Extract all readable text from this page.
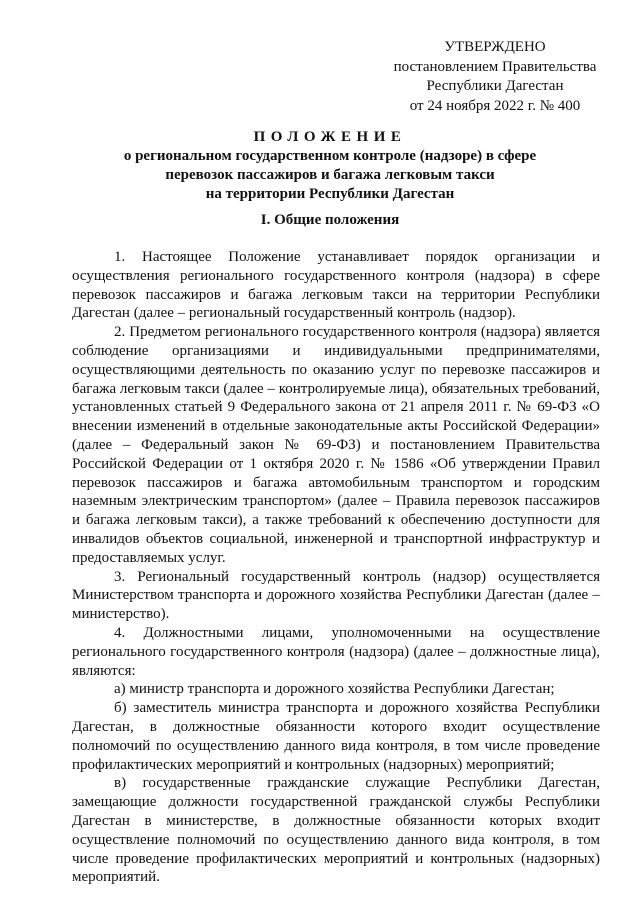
УТВЕРЖДЕНО
постановлением Правительства
Республики Дагестан
от 24 ноября 2022 г. № 400
ПОЛОЖЕНИЕ
о региональном государственном контроле (надзоре) в сфере
перевозок пассажиров и багажа легковым такси
на территории Республики Дагестан
I. Общие положения

1. Настоящее Положение устанавливает порядок организации и осуществления регионального государственного контроля (надзора) в сфере перевозок пассажиров и багажа легковым такси на территории Республики Дагестан (далее – региональный государственный контроль (надзор).

2. Предметом регионального государственного контроля (надзора) является соблюдение организациями и индивидуальными предпринимателями, осуществляющими деятельность по оказанию услуг по перевозке пассажиров и багажа легковым такси (далее – контролируемые лица), обязательных требований, установленных статьей 9 Федерального закона от 21 апреля 2011 г. № 69-ФЗ «О внесении изменений в отдельные законодательные акты Российской Федерации» (далее – Федеральный закон № 69-ФЗ) и постановлением Правительства Российской Федерации от 1 октября 2020 г. № 1586 «Об утверждении Правил перевозок пассажиров и багажа автомобильным транспортом и городским наземным электрическим транспортом» (далее – Правила перевозок пассажиров и багажа легковым такси), а также требований к обеспечению доступности для инвалидов объектов социальной, инженерной и транспортной инфраструктур и предоставляемых услуг.

3. Региональный государственный контроль (надзор) осуществляется Министерством транспорта и дорожного хозяйства Республики Дагестан (далее – министерство).

4. Должностными лицами, уполномоченными на осуществление регионального государственного контроля (надзора) (далее – должностные лица), являются:

а) министр транспорта и дорожного хозяйства Республики Дагестан;

б) заместитель министра транспорта и дорожного хозяйства Республики Дагестан, в должностные обязанности которого входит осуществление полномочий по осуществлению данного вида контроля, в том числе проведение профилактических мероприятий и контрольных (надзорных) мероприятий;

в) государственные гражданские служащие Республики Дагестан, замещающие должности государственной гражданской службы Республики Дагестан в министерстве, в должностные обязанности которых входит осуществление полномочий по осуществлению данного вида контроля, в том числе проведение профилактических мероприятий и контрольных (надзорных) мероприятий.
